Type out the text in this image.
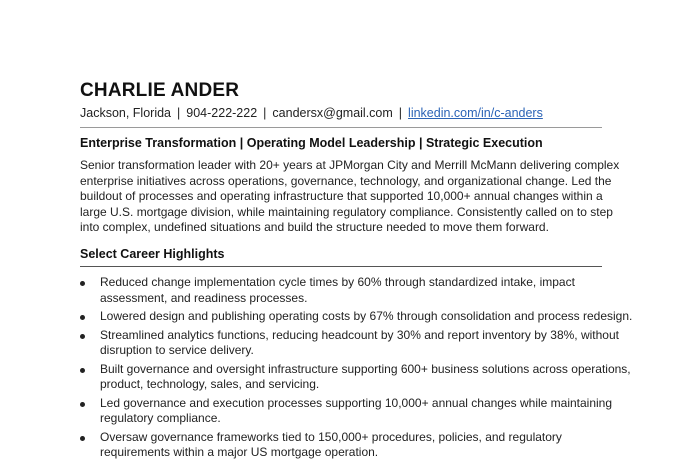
CHARLIE ANDER
Jackson, Florida | 904-222-222 | candersx@gmail.com | linkedin.com/in/c-anders
Enterprise Transformation | Operating Model Leadership | Strategic Execution
Senior transformation leader with 20+ years at JPMorgan City and Merrill McMann delivering complex
enterprise initiatives across operations, governance, technology, and organizational change. Led the
buildout of processes and operating infrastructure that supported 10,000+ annual changes within a
large U.S. mortgage division, while maintaining regulatory compliance. Consistently called on to step
into complex, undefined situations and build the structure needed to move them forward.
Select Career Highlights
Reduced change implementation cycle times by 60% through standardized intake, impact
assessment, and readiness processes.
Lowered design and publishing operating costs by 67% through consolidation and process redesign.
Streamlined analytics functions, reducing headcount by 30% and report inventory by 38%, without
disruption to service delivery.
Built governance and oversight infrastructure supporting 600+ business solutions across operations,
product, technology, sales, and servicing.
Led governance and execution processes supporting 10,000+ annual changes while maintaining
regulatory compliance.
Oversaw governance frameworks tied to 150,000+ procedures, policies, and regulatory
requirements within a major US mortgage operation.
